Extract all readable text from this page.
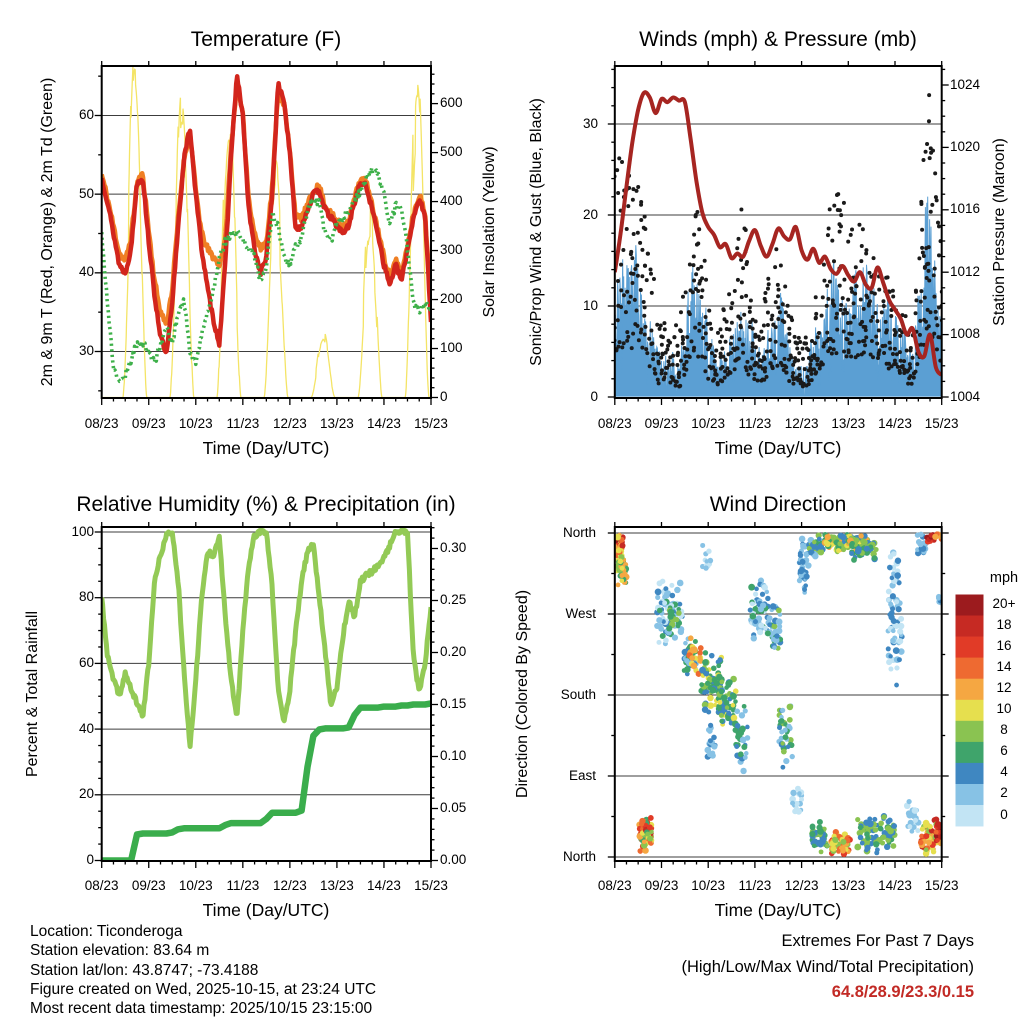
Temperature (F)	Winds (mph) & Pressure (mb)
Relative Humidity (%) & Precipitation (in)	Wind Direction
Time (Day/UTC)	Time (Day/UTC)
Time (Day/UTC)	Time (Day/UTC)
2m & 9m T (Red, Orange) & 2m Td (Green)	Solar Insolation (Yellow) Sonic/Prop Wind & Gust (Blue, Black)	Station Pressure (Maroon)
Percent & Total Rainfall	Direction (Colored By Speed)
mph
Location: Ticonderoga
Station elevation: 83.64 m
Station lat/lon: 43.8747; -73.4188
Figure created on Wed, 2025-10-15, at 23:24 UTC
Most recent data timestamp: 2025/10/15 23:15:00
Extremes For Past 7 Days
(High/Low/Max Wind/Total Precipitation)
64.8/28.9/23.3/0.15
20+
18
16
14
12
10
8
6
4
2
0
08/23 09/23 10/23	11/23	12/23 13/23 14/23 15/23	08/23 09/23 10/23 11/23 12/23 13/23 14/23 15/23
08/23 09/23 10/23	11/23	12/23 13/23 14/23 15/23	08/23 09/23 10/23 11/23 12/23 13/23 14/23 15/23
30
40
50
60
0
100
200
300
400
500
600
0
10
20
30
1004
1008
1012
1016
1020
1024
0
20
40
60
80
100
0.00
0.05
0.10
0.15
0.20
0.25
0.30
North
West
South
East
North
